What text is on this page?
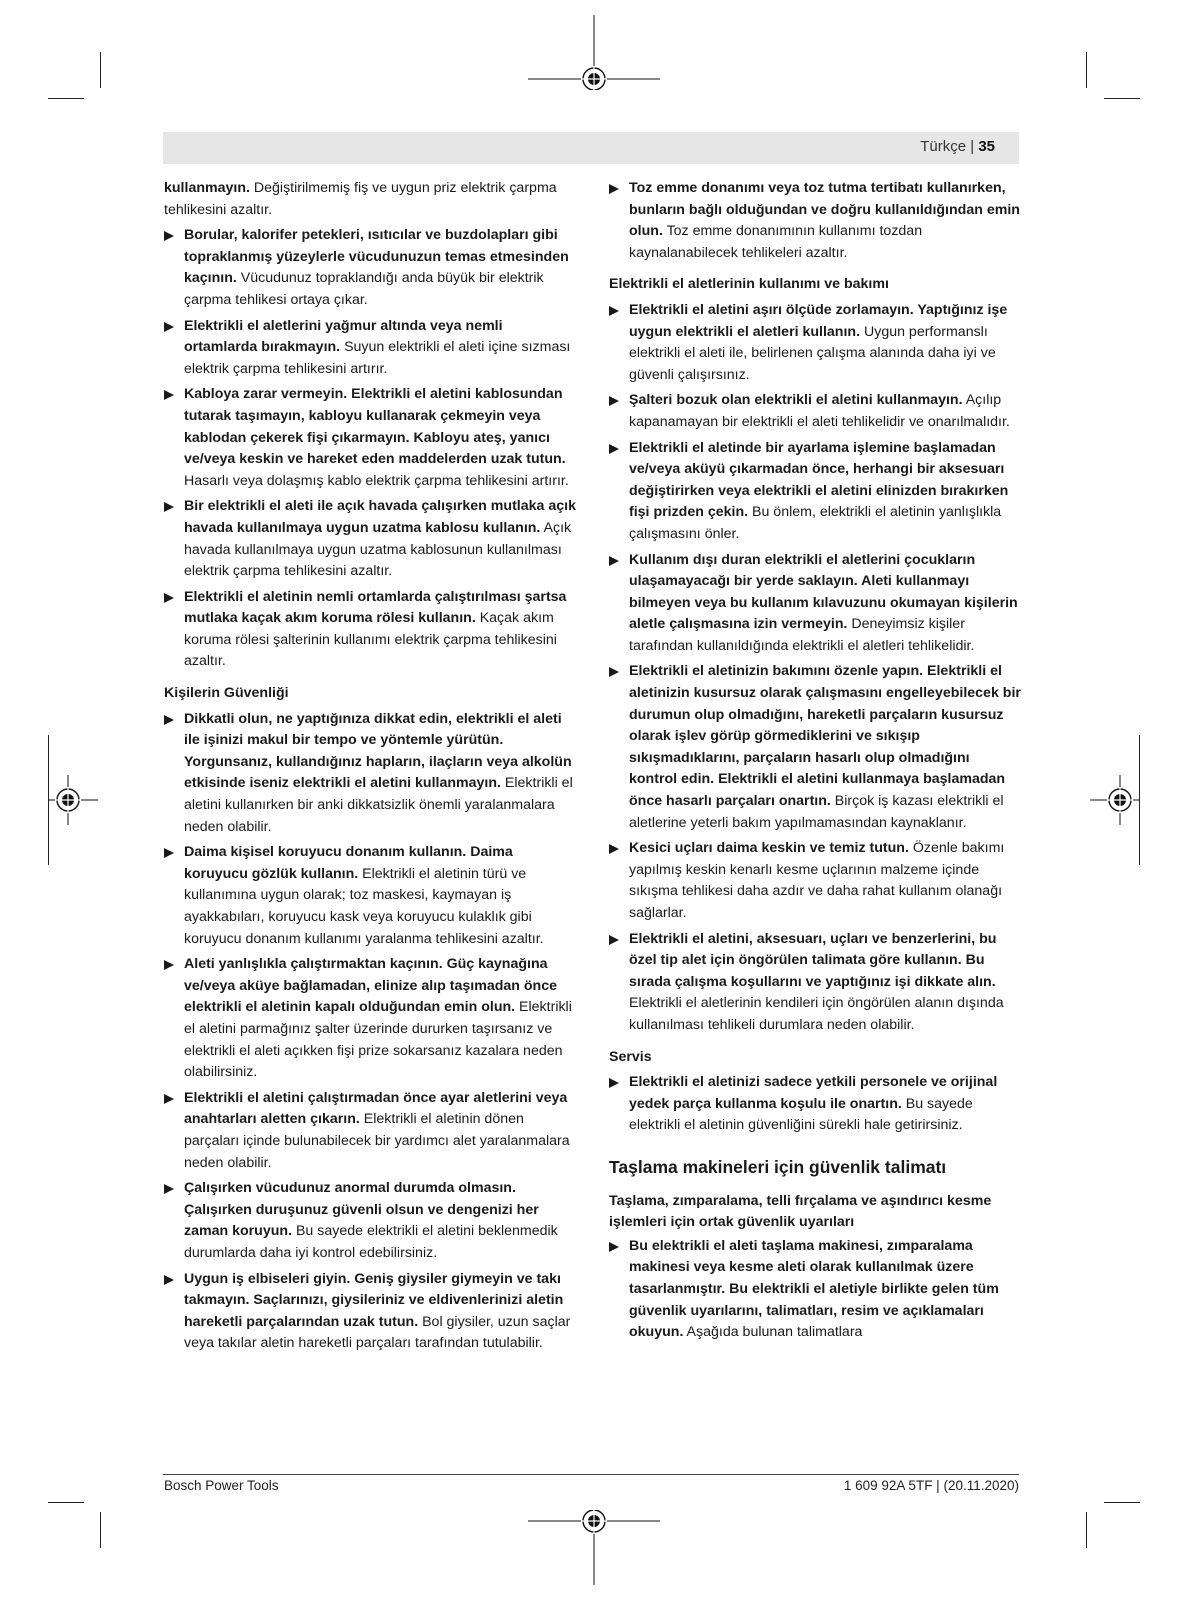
Türkçe | 35

kullanmayın. Değiştirilmemiş fiş ve uygun priz elektrik çarpma tehlikesini azaltır.

Borular, kalorifer petekleri, ısıtıcılar ve buzdolapları gibi topraklanmış yüzeylerle vücudunuzun temas etmesinden kaçının. Vücudunuz topraklandığı anda büyük bir elektrik çarpma tehlikesi ortaya çıkar.
Elektrikli el aletlerini yağmur altında veya nemli ortamlarda bırakmayın. Suyun elektrikli el aleti içine sızması elektrik çarpma tehlikesini artırır.
Kabloya zarar vermeyin. Elektrikli el aletini kablosundan tutarak taşımayın, kabloyu kullanarak çekmeyin veya kablodan çekerek fişi çıkarmayın. Kabloyu ateş, yanıcı ve/veya keskin ve hareket eden maddelerden uzak tutun. Hasarlı veya dolaşmış kablo elektrik çarpma tehlikesini artırır.
Bir elektrikli el aleti ile açık havada çalışırken mutlaka açık havada kullanılmaya uygun uzatma kablosu kullanın. Açık havada kullanılmaya uygun uzatma kablosunun kullanılması elektrik çarpma tehlikesini azaltır.
Elektrikli el aletinin nemli ortamlarda çalıştırılması şartsa mutlaka kaçak akım koruma rölesi kullanın. Kaçak akım koruma rölesi şalterinin kullanımı elektrik çarpma tehlikesini azaltır.
Kişilerin Güvenliği
Dikkatli olun, ne yaptığınıza dikkat edin, elektrikli el aleti ile işinizi makul bir tempo ve yöntemle yürütün. Yorgunsanız, kullandığınız hapların, ilaçların veya alkolün etkisinde iseniz elektrikli el aletini kullanmayın. Elektrikli el aletini kullanırken bir anki dikkatsizlik önemli yaralanmalara neden olabilir.
Daima kişisel koruyucu donanım kullanın. Daima koruyucu gözlük kullanın. Elektrikli el aletinin türü ve kullanımına uygun olarak; toz maskesi, kaymayan iş ayakkabıları, koruyucu kask veya koruyucu kulaklık gibi koruyucu donanım kullanımı yaralanma tehlikesini azaltır.
Aleti yanlışlıkla çalıştırmaktan kaçının. Güç kaynağına ve/veya aküye bağlamadan, elinize alıp taşımadan önce elektrikli el aletinin kapalı olduğundan emin olun. Elektrikli el aletini parmağınız şalter üzerinde dururken taşırsanız ve elektrikli el aleti açıkken fişi prize sokarsanız kazalara neden olabilirsiniz.
Elektrikli el aletini çalıştırmadan önce ayar aletlerini veya anahtarları aletten çıkarın. Elektrikli el aletinin dönen parçaları içinde bulunabilecek bir yardımcı alet yaralanmalara neden olabilir.
Çalışırken vücudunuz anormal durumda olmasın. Çalışırken duruşunuz güvenli olsun ve dengenizi her zaman koruyun. Bu sayede elektrikli el aletini beklenmedik durumlarda daha iyi kontrol edebilirsiniz.
Uygun iş elbiseleri giyin. Geniş giysiler giymeyin ve takı takmayın. Saçlarınızı, giysileriniz ve eldivenlerinizi aletin hareketli parçalarından uzak tutun. Bol giysiler, uzun saçlar veya takılar aletin hareketli parçaları tarafından tutulabilir.
Toz emme donanımı veya toz tutma tertibatı kullanırken, bunların bağlı olduğundan ve doğru kullanıldığından emin olun. Toz emme donanımının kullanımı tozdan kaynalanabilecek tehlikeleri azaltır.
Elektrikli el aletlerinin kullanımı ve bakımı
Elektrikli el aletini aşırı ölçüde zorlamayın. Yaptığınız işe uygun elektrikli el aletleri kullanın. Uygun performanslı elektrikli el aleti ile, belirlenen çalışma alanında daha iyi ve güvenli çalışırsınız.
Şalteri bozuk olan elektrikli el aletini kullanmayın. Açılıp kapanamayan bir elektrikli el aleti tehlikelidir ve onarılmalıdır.
Elektrikli el aletinde bir ayarlama işlemine başlamadan ve/veya aküyü çıkarmadan önce, herhangi bir aksesuarı değiştirirken veya elektrikli el aletini elinizden bırakırken fişi prizden çekin. Bu önlem, elektrikli el aletinin yanlışlıkla çalışmasını önler.
Kullanım dışı duran elektrikli el aletlerini çocukların ulaşamayacağı bir yerde saklayın. Aleti kullanmayı bilmeyen veya bu kullanım kılavuzunu okumayan kişilerin aletle çalışmasına izin vermeyin. Deneyimsiz kişiler tarafından kullanıldığında elektrikli el aletleri tehlikelidir.
Elektrikli el aletinizin bakımını özenle yapın. Elektrikli el aletinizin kusursuz olarak çalışmasını engelleyebilecek bir durumun olup olmadığını, hareketli parçaların kusursuz olarak işlev görüp görmediklerini ve sıkışıp sıkışmadıklarını, parçaların hasarlı olup olmadığını kontrol edin. Elektrikli el aletini kullanmaya başlamadan önce hasarlı parçaları onartın. Birçok iş kazası elektrikli el aletlerine yeterli bakım yapılmamasından kaynaklanır.
Kesici uçları daima keskin ve temiz tutun. Özenle bakımı yapılmış keskin kenarlı kesme uçlarının malzeme içinde sıkışma tehlikesi daha azdır ve daha rahat kullanım olanağı sağlarlar.
Elektrikli el aletini, aksesuarı, uçları ve benzerlerini, bu özel tip alet için öngörülen talimata göre kullanın. Bu sırada çalışma koşullarını ve yaptığınız işi dikkate alın. Elektrikli el aletlerinin kendileri için öngörülen alanın dışında kullanılması tehlikeli durumlara neden olabilir.
Servis
Elektrikli el aletinizi sadece yetkili personele ve orijinal yedek parça kullanma koşulu ile onartın. Bu sayede elektrikli el aletinin güvenliğini sürekli hale getirirsiniz.
Taşlama makineleri için güvenlik talimatı
Taşlama, zımparalama, telli fırçalama ve aşındırıcı kesme işlemleri için ortak güvenlik uyarıları
Bu elektrikli el aleti taşlama makinesi, zımparalama makinesi veya kesme aleti olarak kullanılmak üzere tasarlanmıştır. Bu elektrikli el aletiyle birlikte gelen tüm güvenlik uyarılarını, talimatları, resim ve açıklamaları okuyun. Aşağıda bulunan talimatlara
Bosch Power Tools	1 609 92A 5TF | (20.11.2020)
